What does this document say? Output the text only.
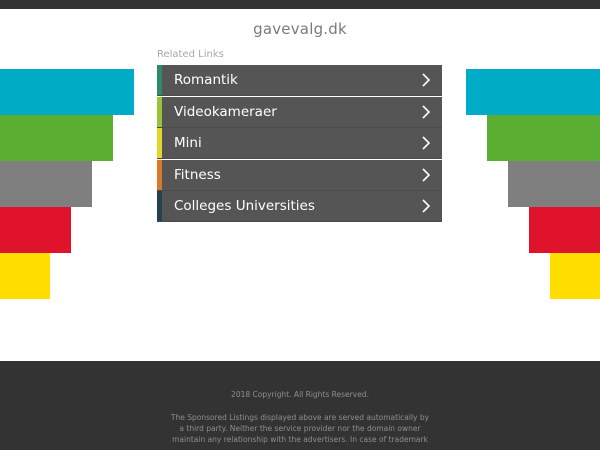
gavevalg.dk
Related Links
Romantik
Videokameraer
Mini
Fitness
Colleges Universities
2018 Copyright. All Rights Reserved.
The Sponsored Listings displayed above are served automatically by a third party. Neither the service provider nor the domain owner maintain any relationship with the advertisers. In case of trademark
